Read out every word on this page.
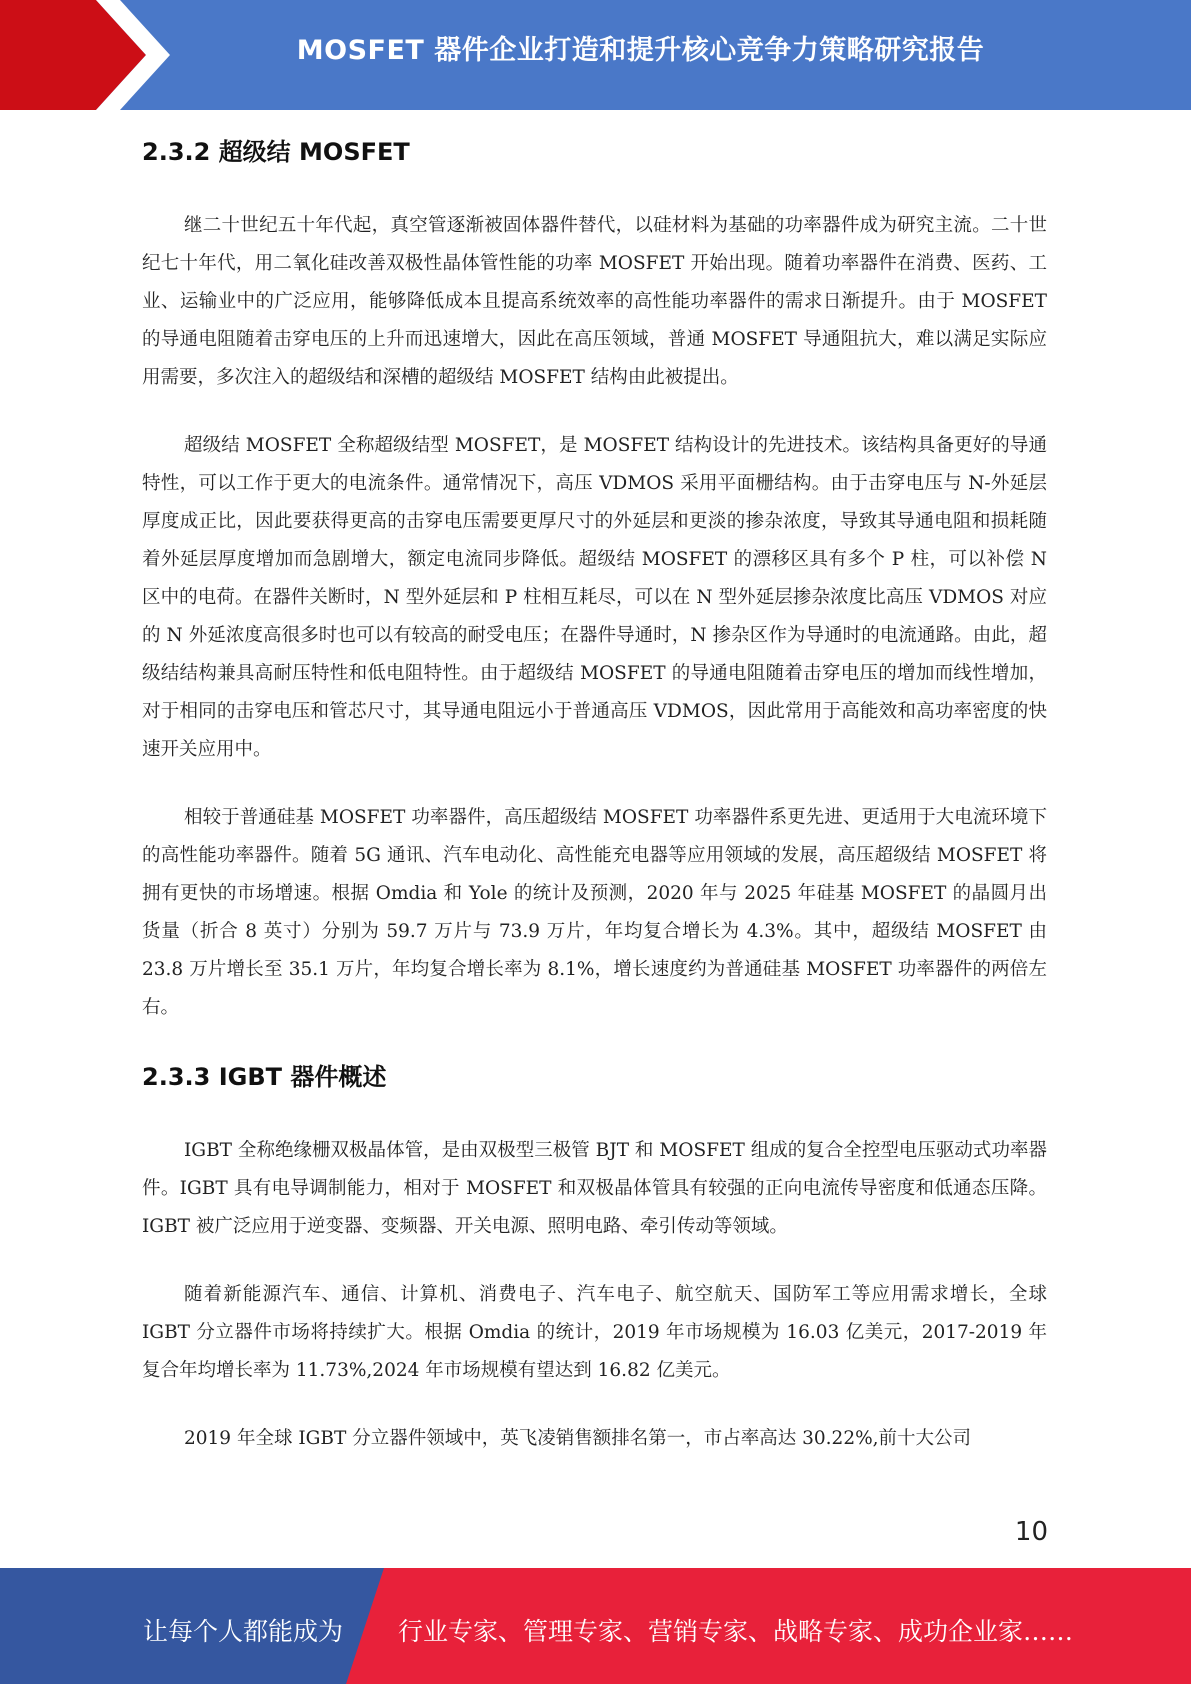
MOSFET 器件企业打造和提升核心竞争力策略研究报告
2.3.2 超级结 MOSFET

继二十世纪五十年代起，真空管逐渐被固体器件替代，以硅材料为基础的功率器件成为研究主流。二十世纪七十年代，用二氧化硅改善双极性晶体管性能的功率 MOSFET 开始出现。随着功率器件在消费、医药、工业、运输业中的广泛应用，能够降低成本且提高系统效率的高性能功率器件的需求日渐提升。由于 MOSFET 的导通电阻随着击穿电压的上升而迅速增大，因此在高压领域，普通 MOSFET 导通阻抗大，难以满足实际应用需要，多次注入的超级结和深槽的超级结 MOSFET 结构由此被提出。

超级结 MOSFET 全称超级结型 MOSFET，是 MOSFET 结构设计的先进技术。该结构具备更好的导通特性，可以工作于更大的电流条件。通常情况下，高压 VDMOS 采用平面栅结构。由于击穿电压与 N-外延层厚度成正比，因此要获得更高的击穿电压需要更厚尺寸的外延层和更淡的掺杂浓度，导致其导通电阻和损耗随着外延层厚度增加而急剧增大，额定电流同步降低。超级结 MOSFET 的漂移区具有多个 P 柱，可以补偿 N 区中的电荷。在器件关断时，N 型外延层和 P 柱相互耗尽，可以在 N 型外延层掺杂浓度比高压 VDMOS 对应的 N 外延浓度高很多时也可以有较高的耐受电压；在器件导通时，N 掺杂区作为导通时的电流通路。由此，超级结结构兼具高耐压特性和低电阻特性。由于超级结 MOSFET 的导通电阻随着击穿电压的增加而线性增加，对于相同的击穿电压和管芯尺寸，其导通电阻远小于普通高压 VDMOS，因此常用于高能效和高功率密度的快速开关应用中。

相较于普通硅基 MOSFET 功率器件，高压超级结 MOSFET 功率器件系更先进、更适用于大电流环境下的高性能功率器件。随着 5G 通讯、汽车电动化、高性能充电器等应用领域的发展，高压超级结 MOSFET 将拥有更快的市场增速。根据 Omdia 和 Yole 的统计及预测，2020 年与 2025 年硅基 MOSFET 的晶圆月出货量（折合 8 英寸）分别为 59.7 万片与 73.9 万片，年均复合增长为 4.3%。其中，超级结 MOSFET 由 23.8 万片增长至 35.1 万片，年均复合增长率为 8.1%，增长速度约为普通硅基 MOSFET 功率器件的两倍左右。

2.3.3 IGBT 器件概述

IGBT 全称绝缘栅双极晶体管，是由双极型三极管 BJT 和 MOSFET 组成的复合全控型电压驱动式功率器件。IGBT 具有电导调制能力，相对于 MOSFET 和双极晶体管具有较强的正向电流传导密度和低通态压降。IGBT 被广泛应用于逆变器、变频器、开关电源、照明电路、牵引传动等领域。

随着新能源汽车、通信、计算机、消费电子、汽车电子、航空航天、国防军工等应用需求增长，全球 IGBT 分立器件市场将持续扩大。根据 Omdia 的统计，2019 年市场规模为 16.03 亿美元，2017-2019 年复合年均增长率为 11.73%,2024 年市场规模有望达到 16.82 亿美元。

2019 年全球 IGBT 分立器件领域中，英飞凌销售额排名第一，市占率高达 30.22%,前十大公司

10
让每个人都能成为 行业专家、管理专家、营销专家、战略专家、成功企业家……
